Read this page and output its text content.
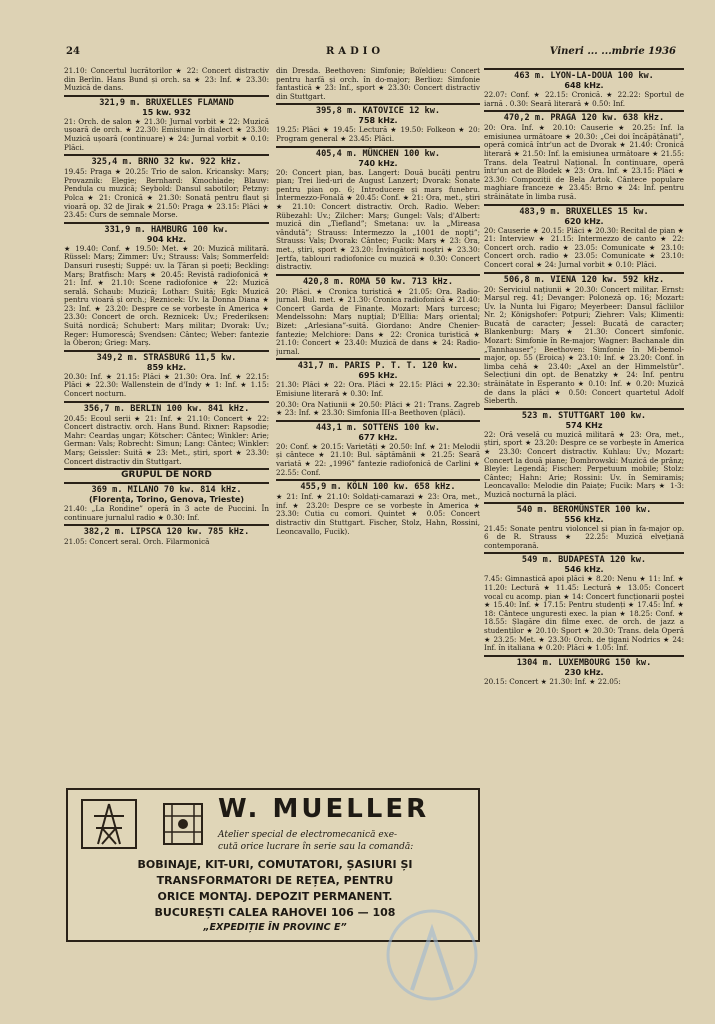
24	RADIO	Vineri ... ...mbrie 1936
21.10: Concertul lucrătorilor ★ 22: Concert distractiv din Berlin. Hans Bund și orch. sa ★ 23: Inf. ★ 23.30: Muzică de dans.
321,9 m. BRUXELLES FLAMAND
15 kw. 932
21: Orch. de salon ★ 21.30: Jurnal vorbit ★ 22: Muzică ușoară de orch. ★ 22.30: Emisiune în dialect ★ 23.30: Muzică ușoară (continuare) ★ 24: Jurnal vorbit ★ 0.10: Plăci.
325,4 m. BRNO 32 kw. 922 kHz.
19.45: Praga ★ 20.25: Trio de salon. Kricansky: Marș; Provaznik: Elegie; Bernhard: Kmochiade; Blauw: Pendula cu muzică; Seybold: Dansul sabotilor; Petzny: Polca ★ 21: Cronică ★ 21.30: Sonată pentru flaut și vioară op. 32 de Jirak ★ 21.50: Praga ★ 23.15: Plăci ★ 23.45: Curs de semnale Morse.
331,9 m. HAMBURG 100 kw.
904 kHz.
★ 19.40: Conf. ★ 19.50: Met. ★ 20: Muzică militară. Rüssel: Marș; Zimmer: Uv.; Strauss: Vals; Sommerfeld: Dansuri rusești; Suppé: uv. la Țăran și poeți; Beckling: Marș; Bratfisch: Marș ★ 20.45: Revistă radiofonică ★ 21: Inf. ★ 21.10: Scene radiofonice ★ 22: Muzică serală. Schaub: Muzică; Lothar: Suită; Egk: Muzică pentru vioară și orch.; Reznicek: Uv. la Donna Diana ★ 23: Inf. ★ 23.20: Despre ce se vorbește în America ★ 23.30: Concert de orch. Reznicek: Uv.; Frederiksen: Suită nordică; Schubert: Marș militar; Dvorak: Uv.; Reger: Humorescă; Svendsen: Cântec; Weber: fantezie la Oberon; Grieg: Marș.
349,2 m. STRASBURG 11,5 kw.
859 kHz.
20.30: Inf. ★ 21.15: Plăci ★ 21.30: Ora. Inf. ★ 22.15: Plăci ★ 22.30: Wallenstein de d'Indy ★ 1: Inf. ★ 1.15: Concert nocturn.
356,7 m. BERLIN 100 kw. 841 kHz.
20.45: Ecoul serii ★ 21: Inf. ★ 21.10: Concert ★ 22: Concert distractiv. orch. Hans Bund. Rixner: Rapsodie; Mahr: Ceardaș ungar; Kötscher: Cântec; Winkler: Arie; German: Vals; Robrecht: Simun; Lang: Cântec; Winkler: Marș; Geissler: Suită ★ 23: Met., știri, sport ★ 23.30: Concert distractiv din Stuttgart.
GRUPUL DE NORD
369 m. MILANO 70 kw. 814 kHz.
(Florența, Torino, Genova, Trieste)
21.40: „La Rondine” operă în 3 acte de Puccini. În continuare jurnalul radio ★ 0.30: Inf.
382,2 m. LIPSCA 120 kw. 785 kHz.
21.05: Concert seral. Orch. Filarmonică
din Dresda. Beethoven: Simfonie; Boïeldieu: Concert pentru harfă și orch. în do-major; Berlioz: Simfonie fantastică ★ 23: Inf., sport ★ 23.30: Concert distractiv din Stuttgart.
395,8 m. KATOVICE 12 kw.
758 kHz.
19.25: Plăci ★ 19.45: Lectură ★ 19.50: Folkeon ★ 20: Program general ★ 23.45: Plăci.
405,4 m. MÜNCHEN 100 kw.
740 kHz.
20: Concert pian, bas. Langert: Două bucăți pentru pian; Trei lied-uri de August Lanzert; Dvorak: Sonate pentru pian op. 6; Introducere și marș funebru. Intermezzo-Fonală ★ 20.45: Conf. ★ 21: Ora, met., știri ★ 21.10: Concert distractiv. Orch. Radio. Weber: Rübezahl: Uv.; Zilcher: Marș; Gungel: Vals; d'Albert: muzică din „Tiefland”; Smetana: uv. la „Mireasa vândută”; Strauss: Intermezzo la „1001 de nopți”; Strauss: Vals; Dvorak: Cântec; Fucik: Marș ★ 23: Ora, met., știri, sport ★ 23.20: Învingătorii noștri ★ 23.30: Jertfa, tablouri radiofonice cu muzică ★ 0.30: Concert distractiv.
420,8 m. ROMA 50 kw. 713 kHz.
20: Plăci. ★ Cronica turistică ★ 21.05: Ora. Radio-jurnal. Bul. met. ★ 21.30: Cronica radiofonică ★ 21.40: Concert Garda de Finanțe. Mozart: Marș turcesc; Mendelssohn: Marș nupțial; D'Ellia: Marș oriental; Bizet: „Arlesiana”-suită. Giordano: Andre Chenier-fantezie; Melchiore: Dans ★ 22: Cronica turistică ★ 21.10: Concert ★ 23.40: Muzică de dans ★ 24: Radio-jurnal.
431,7 m. PARIS P. T. T. 120 kw.
695 kHz.
21.30: Plăci ★ 22: Ora. Plăci ★ 22.15: Plăci ★ 22.30: Emisiune literară ★ 0.30: Inf.
20.30: Ora Națiunii ★ 20.50: Plăci ★ 21: Trans. Zagreb ★ 23: Inf. ★ 23.30: Simfonia III-a Beethoven (plăci).
443,1 m. SOTTENS 100 kw.
677 kHz.
20: Conf. ★ 20.15: Varietăți ★ 20.50: Inf. ★ 21: Melodii și cântece ★ 21.10: Bul. săptămânii ★ 21.25: Seară variată ★ 22: „1996” fantezie radiofonică de Carlini ★ 22.55: Conf.
455,9 m. KÖLN 100 kw. 658 kHz.
★ 21: Inf. ★ 21.10: Soldați-camarazi ★ 23: Ora, met., inf. ★ 23.20: Despre ce se vorbește în America ★ 23.30: Cutia cu comori. Quintet ★ 0.05: Concert distractiv din Stuttgart. Fischer, Stolz, Hahn, Rossini, Leoncavallo, Fucik).
463 m. LYON-LA-DOUA 100 kw.
648 kHz.
22.07: Conf. ★ 22.15: Cronică. ★ 22.22: Sportul de iarnă . 0.30: Seară literară ★ 0.50: Inf.
470,2 m. PRAGA 120 kw. 638 kHz.
20: Ora. Inf. ★ 20.10: Causerie ★ 20.25: Inf. la emisiunea următoare ★ 20.30: „Cei doi încăpățânați”, operă comică într'un act de Dvorak ★ 21.40: Cronică literară ★ 21.50: Inf. la emisiunea următoare ★ 21.55: Trans. dela Teatrul Național. În continuare, operă într'un act de Blodek ★ 23: Ora. Inf. ★ 23.15: Plăci ★ 23.30: Compoziții de Bela Artok. Cântece populare maghiare franceze ★ 23.45: Brno ★ 24: Inf. pentru străinătate în limba rusă.
483,9 m. BRUXELLES 15 kw.
620 kHz.
20: Causerie ★ 20.15: Plăci ★ 20.30: Recital de pian ★ 21: Interview ★ 21.15: Intermezzo de canto ★ 22: Concert orch. radio ★ 23.05: Comunicate ★ 23.10: Concert orch. radio ★ 23.05: Comunicate ★ 23.10: Concert coral ★ 24: Jurnal vorbit ★ 0.10: Plăci.
506,8 m. VIENA 120 kw. 592 kHz.
20: Serviciul națiunii ★ 20.30: Concert militar. Ernst: Marșul reg. 41; Devanger: Poloneză op. 16; Mozart: Uv. la Nunta lui Figaro; Meyerbeer: Dansul făcliilor Nr. 2; Königshofer: Potpuri; Ziehrer: Vals; Klimenti: Bucată de caracter; Jessel: Bucată de caracter; Blankenburg: Marș ★ 21.30: Concert simfonic. Mozart: Simfonie în Re-major; Wagner: Bachanale din „Tannhauser”; Beethoven: Simfonie în Mi-bemol-major, op. 55 (Eroica) ★ 23.10: Inf. ★ 23.20: Conf. în limba cehă ★ 23.40: „Axel an der Himmelstür”. Selecțiuni din opt. de Benatzky ★ 24: Inf. pentru străinătate în Esperanto ★ 0.10: Inf. ★ 0.20: Muzică de dans la plăci ★ 0.50: Concert quartetul Adolf Sieberth.
523 m. STUTTGART 100 kw.
574 KHz
22: Oră veselă cu muzică militară ★ 23: Ora, met., știri, sport ★ 23.20: Despre ce se vorbește în America ★ 23.30: Concert distractiv. Kuhlau: Uv.; Mozart: Concert la două piane; Dombrowski: Muzică de prânz; Bleyle: Legendă; Fischer: Perpetuum mobile; Stolz: Cântec; Hahn: Arie; Rossini: Uv. în Semiramis; Leoncavallo: Melodie din Paiațe; Fucik: Marș ★ 1-3: Muzică nocturnă la plăci.
540 m. BEROMÜNSTER 100 kw.
556 kHz.
21.45: Sonate pentru violoncel și pian în fa-major op. 6 de R. Strauss ★ 22.25: Muzică elvețiană contemporană.
549 m. BUDAPESTA 120 kw.
546 kHz.
7.45: Gimnastică apoi plăci ★ 8.20: Nenu ★ 11: Inf. ★ 11.20: Lectură ★ 11.45: Lectură ★ 13.05: Concert vocal cu acomp. pian ★ 14: Concert funcționarii poștei ★ 15.40: Inf. ★ 17.15: Pentru studenți ★ 17.45: Inf. ★ 18: Cântece unguresti exec. la pian ★ 18.25: Conf. ★ 18.55: Șlagăre din filme exec. de orch. de jazz a studenților ★ 20.10: Sport ★ 20.30: Trans. dela Operă ★ 23.25: Met. ★ 23.30: Orch. de țigani Nodrics ★ 24: Inf. în italiana ★ 0.20: Plăci ★ 1.05: Inf.
1304 m. LUXEMBOURG 150 kw.
230 kHz.
20.15: Concert ★ 21.30: Inf. ★ 22.05:
W. MUELLER
Atelier special de electromecanică exe-
cută orice lucrare în serie sau la comandă:
BOBINAJE, KIT-URI, COMUTATORI, ȘASIURI ȘI
TRANSFORMATORI DE REȚEA, PENTRU
ORICE MONTAJ. DEPOZIT PERMANENT.
BUCUREȘTI CALEA RAHOVEI 106 — 108
„EXPEDIȚIE ÎN PROVINC E”
